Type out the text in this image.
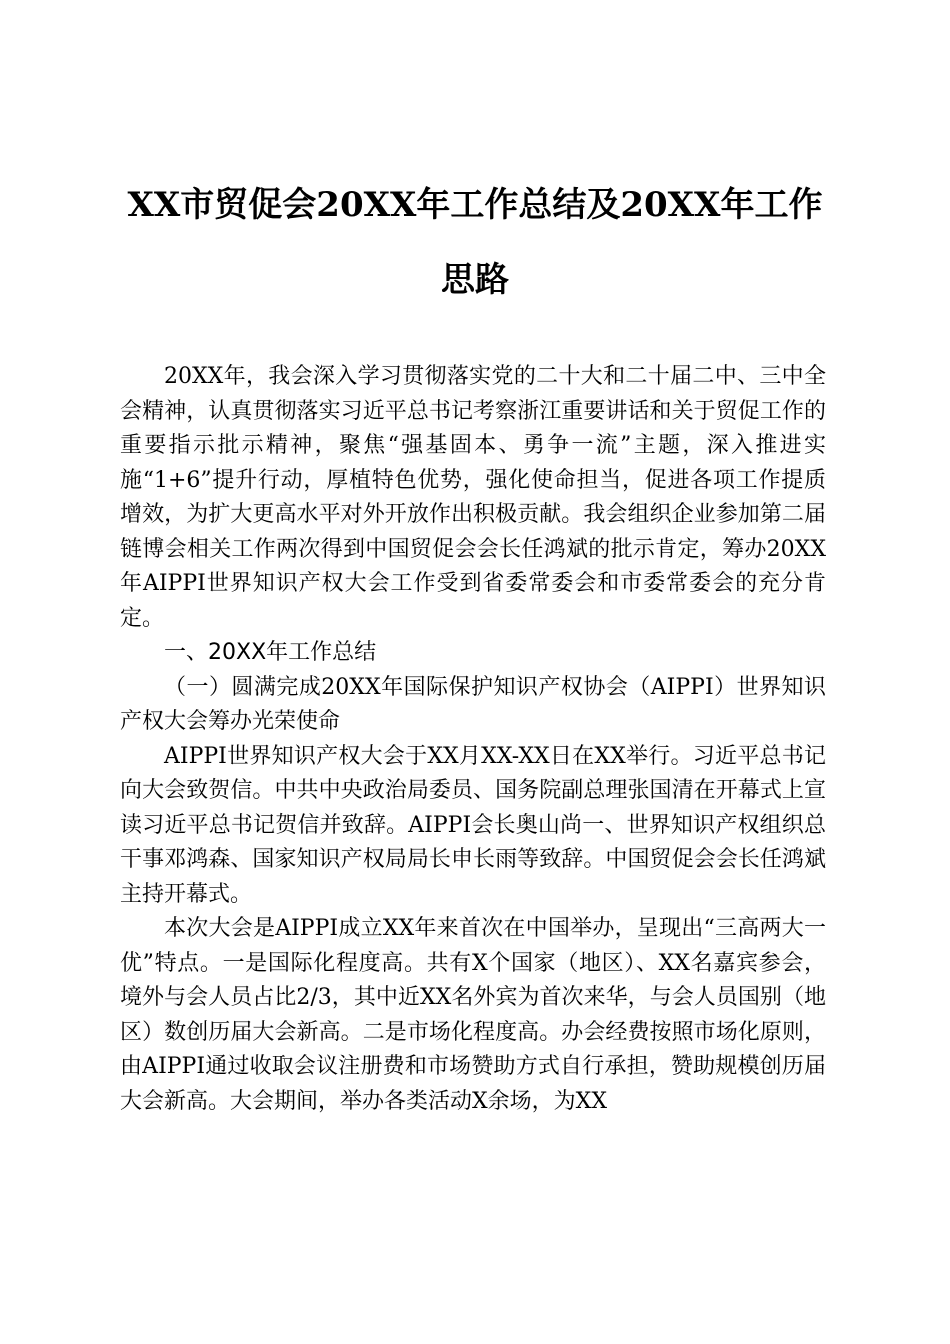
XX市贸促会20XX年工作总结及20XX年工作思路

20XX年，我会深入学习贯彻落实党的二十大和二十届二中、三中全会精神，认真贯彻落实习近平总书记考察浙江重要讲话和关于贸促工作的重要指示批示精神，聚焦“强基固本、勇争一流”主题，深入推进实施“1+6”提升行动，厚植特色优势，强化使命担当，促进各项工作提质增效，为扩大更高水平对外开放作出积极贡献。我会组织企业参加第二届链博会相关工作两次得到中国贸促会会长任鸿斌的批示肯定，筹办20XX年AIPPI世界知识产权大会工作受到省委常委会和市委常委会的充分肯定。

一、20XX年工作总结

（一）圆满完成20XX年国际保护知识产权协会（AIPPI）世界知识产权大会筹办光荣使命

AIPPI世界知识产权大会于XX月XX-XX日在XX举行。习近平总书记向大会致贺信。中共中央政治局委员、国务院副总理张国清在开幕式上宣读习近平总书记贺信并致辞。AIPPI会长奥山尚一、世界知识产权组织总干事邓鸿森、国家知识产权局局长申长雨等致辞。中国贸促会会长任鸿斌主持开幕式。

本次大会是AIPPI成立XX年来首次在中国举办，呈现出“三高两大一优”特点。一是国际化程度高。共有X个国家（地区）、XX名嘉宾参会，境外与会人员占比2/3，其中近XX名外宾为首次来华，与会人员国别（地区）数创历届大会新高。二是市场化程度高。办会经费按照市场化原则，由AIPPI通过收取会议注册费和市场赞助方式自行承担，赞助规模创历届大会新高。大会期间，举办各类活动X余场，为XX
